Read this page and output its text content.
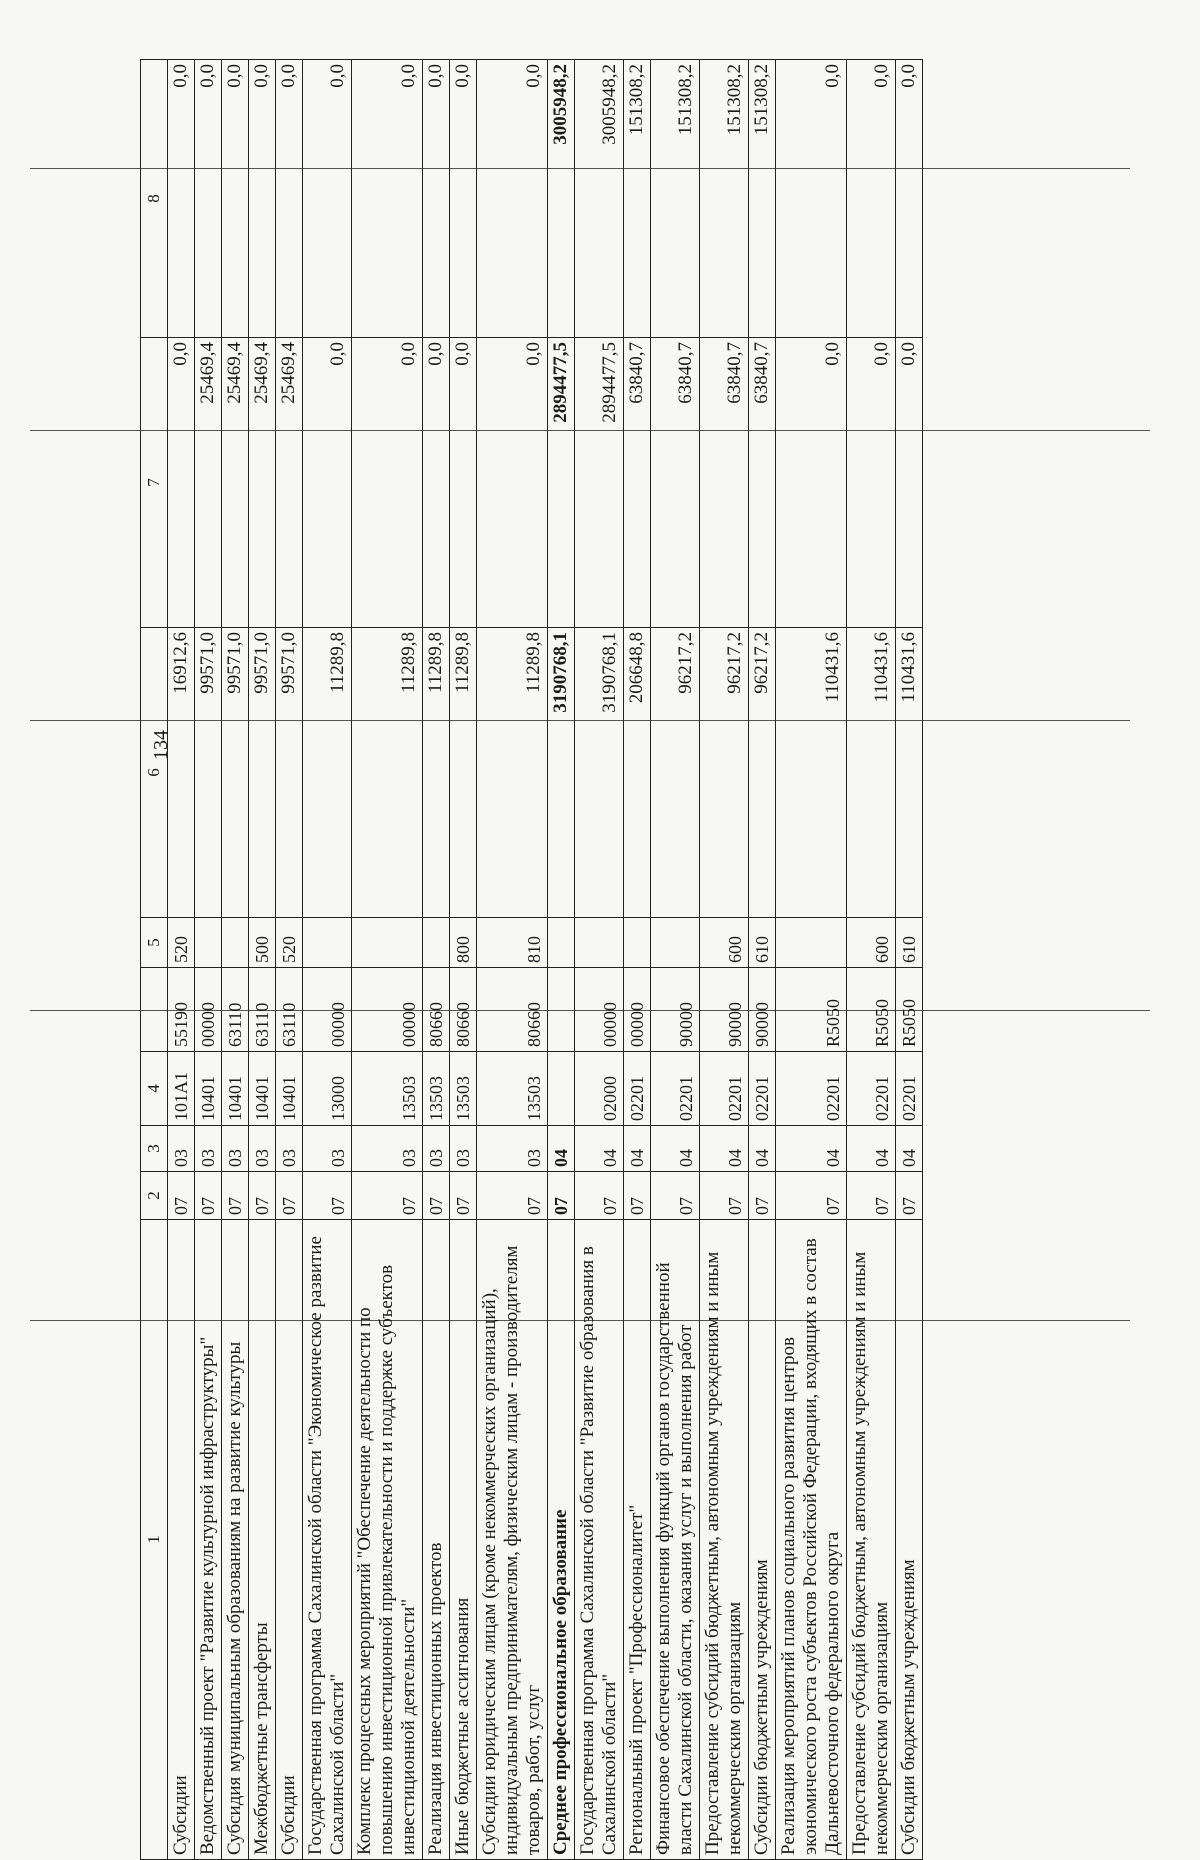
134
1	2	3	4		5	6	7	8
Субсидии	07	03	101A1	55190	520	16912,6	0,0	0,0
Ведомственный проект "Развитие культурной инфраструктуры"	07	03	10401	00000		99571,0	25469,4	0,0
Субсидия муниципальным образованиям на развитие культуры	07	03	10401	63110		99571,0	25469,4	0,0
Межбюджетные трансферты	07	03	10401	63110	500	99571,0	25469,4	0,0
Субсидии	07	03	10401	63110	520	99571,0	25469,4	0,0
Государственная программа Сахалинской области "Экономическое развитие Сахалинской области"	07	03	13000	00000		11289,8	0,0	0,0
Комплекс процессных мероприятий "Обеспечение деятельности по повышению инвестиционной привлекательности и поддержке субъектов инвестиционной деятельности"	07	03	13503	00000		11289,8	0,0	0,0
Реализация инвестиционных проектов	07	03	13503	80660		11289,8	0,0	0,0
Иные бюджетные ассигнования	07	03	13503	80660	800	11289,8	0,0	0,0
Субсидии юридическим лицам (кроме некоммерческих организаций), индивидуальным предпринимателям, физическим лицам - производителям товаров, работ, услуг	07	03	13503	80660	810	11289,8	0,0	0,0
Среднее профессиональное образование	07	04				3190768,1	2894477,5	3005948,2
Государственная программа Сахалинской области "Развитие образования в Сахалинской области"	07	04	02000	00000		3190768,1	2894477,5	3005948,2
Региональный проект "Профессионалитет"	07	04	02201	00000		206648,8	63840,7	151308,2
Финансовое обеспечение выполнения функций органов государственной власти Сахалинской области, оказания услуг и выполнения работ	07	04	02201	90000		96217,2	63840,7	151308,2
Предоставление субсидий бюджетным, автономным учреждениям и иным некоммерческим организациям	07	04	02201	90000	600	96217,2	63840,7	151308,2
Субсидии бюджетным учреждениям	07	04	02201	90000	610	96217,2	63840,7	151308,2
Реализация мероприятий планов социального развития центров экономического роста субъектов Российской Федерации, входящих в состав Дальневосточного федерального округа	07	04	02201	R5050		110431,6	0,0	0,0
Предоставление субсидий бюджетным, автономным учреждениям и иным некоммерческим организациям	07	04	02201	R5050	600	110431,6	0,0	0,0
Субсидии бюджетным учреждениям	07	04	02201	R5050	610	110431,6	0,0	0,0
